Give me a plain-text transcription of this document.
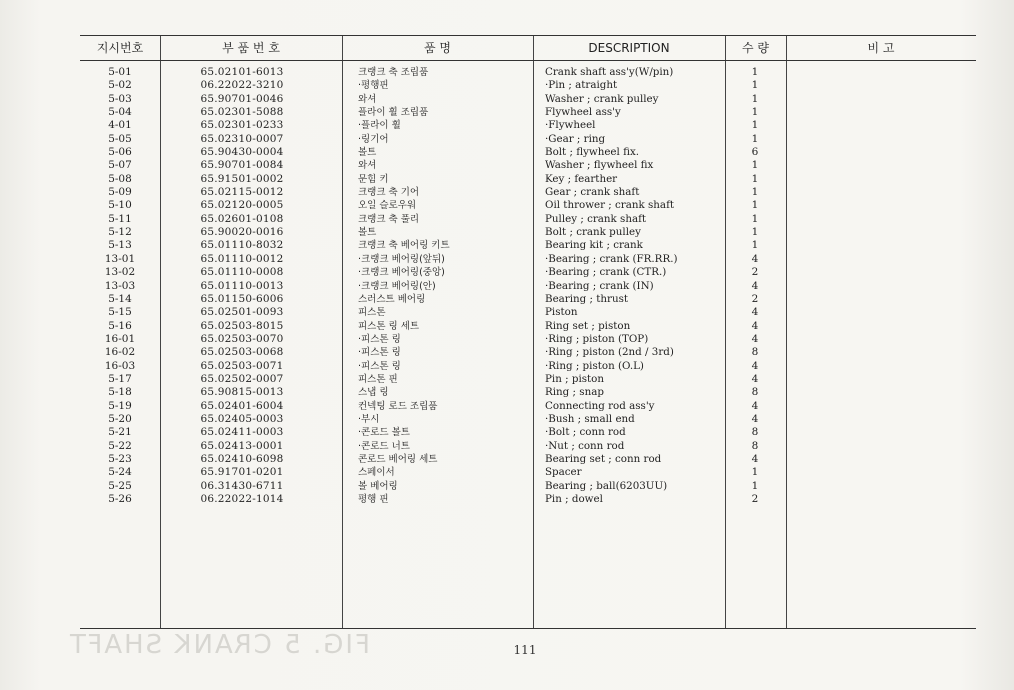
FIG. 5 CRANK SHAFT
지시번호	부 품 번 호	품 명	DESCRIPTION	수 량	비 고
5-01	65.02101-6013	크랭크 축 조립품	Crank shaft ass'y(W/pin)	1
5-02	06.22022-3210	·평행핀	·Pin ; atraight	1
5-03	65.90701-0046	와셔	Washer ; crank pulley	1
5-04	65.02301-5088	플라이 휠 조립품	Flywheel ass'y	1
4-01	65.02301-0233	·플라이 휠	·Flywheel	1
5-05	65.02310-0007	·링기어	·Gear ; ring	1
5-06	65.90430-0004	볼트	Bolt ; flywheel fix.	6
5-07	65.90701-0084	와셔	Washer ; flywheel fix	1
5-08	65.91501-0002	문힘 키	Key ; fearther	1
5-09	65.02115-0012	크랭크 축 기어	Gear ; crank shaft	1
5-10	65.02120-0005	오일 슬로우워	Oil thrower ; crank shaft	1
5-11	65.02601-0108	크랭크 축 풀리	Pulley ; crank shaft	1
5-12	65.90020-0016	볼트	Bolt ; crank pulley	1
5-13	65.01110-8032	크랭크 축 베어링 키트	Bearing kit ; crank	1
13-01	65.01110-0012	·크랭크 베어링(앞뒤)	·Bearing ; crank (FR.RR.)	4
13-02	65.01110-0008	·크랭크 베어링(중앙)	·Bearing ; crank (CTR.)	2
13-03	65.01110-0013	·크랭크 베어링(안)	·Bearing ; crank (IN)	4
5-14	65.01150-6006	스러스트 베어링	Bearing ; thrust	2
5-15	65.02501-0093	피스톤	Piston	4
5-16	65.02503-8015	피스톤 링 세트	Ring set ; piston	4
16-01	65.02503-0070	·피스톤 링	·Ring ; piston (TOP)	4
16-02	65.02503-0068	·피스톤 링	·Ring ; piston (2nd / 3rd)	8
16-03	65.02503-0071	·피스톤 링	·Ring ; piston (O.L)	4
5-17	65.02502-0007	피스톤 핀	Pin ; piston	4
5-18	65.90815-0013	스냅 링	Ring ; snap	8
5-19	65.02401-6004	컨넥팅 로드 조립품	Connecting rod ass'y	4
5-20	65.02405-0003	·부시	·Bush ; small end	4
5-21	65.02411-0003	·콘로드 볼트	·Bolt ; conn rod	8
5-22	65.02413-0001	·콘로드 너트	·Nut ; conn rod	8
5-23	65.02410-6098	콘로드 베어링 세트	Bearing set ; conn rod	4
5-24	65.91701-0201	스페이서	Spacer	1
5-25	06.31430-6711	볼 베어링	Bearing ; ball(6203UU)	1
5-26	06.22022-1014	평행 핀	Pin ; dowel	2
111
